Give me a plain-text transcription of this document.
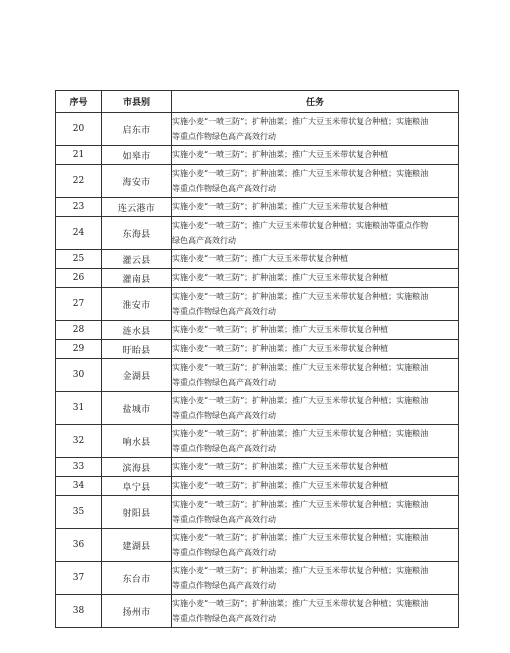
序号	市县别	任务
20	启东市	实施小麦“一喷三防”；扩种油菜；推广大豆玉米带状复合种植；实施粮油
等重点作物绿色高产高效行动

21	如皋市	实施小麦“一喷三防”；扩种油菜；推广大豆玉米带状复合种植

22	海安市	实施小麦“一喷三防”；扩种油菜；推广大豆玉米带状复合种植；实施粮油
等重点作物绿色高产高效行动

23	连云港市	实施小麦“一喷三防”；扩种油菜；推广大豆玉米带状复合种植

24	东海县	实施小麦“一喷三防”；推广大豆玉米带状复合种植；实施粮油等重点作物
绿色高产高效行动

25	灌云县	实施小麦“一喷三防”；推广大豆玉米带状复合种植

26	灌南县	实施小麦“一喷三防”；扩种油菜；推广大豆玉米带状复合种植

27	淮安市	实施小麦“一喷三防”；扩种油菜；推广大豆玉米带状复合种植；实施粮油
等重点作物绿色高产高效行动

28	涟水县	实施小麦“一喷三防”；扩种油菜；推广大豆玉米带状复合种植

29	盱眙县	实施小麦“一喷三防”；扩种油菜；推广大豆玉米带状复合种植

30	金湖县	实施小麦“一喷三防”；扩种油菜；推广大豆玉米带状复合种植；实施粮油
等重点作物绿色高产高效行动

31	盐城市	实施小麦“一喷三防”；扩种油菜；推广大豆玉米带状复合种植；实施粮油
等重点作物绿色高产高效行动

32	响水县	实施小麦“一喷三防”；扩种油菜；推广大豆玉米带状复合种植；实施粮油
等重点作物绿色高产高效行动

33	滨海县	实施小麦“一喷三防”；扩种油菜；推广大豆玉米带状复合种植

34	阜宁县	实施小麦“一喷三防”；扩种油菜；推广大豆玉米带状复合种植

35	射阳县	实施小麦“一喷三防”；扩种油菜；推广大豆玉米带状复合种植；实施粮油
等重点作物绿色高产高效行动

36	建湖县	实施小麦“一喷三防”；扩种油菜；推广大豆玉米带状复合种植；实施粮油
等重点作物绿色高产高效行动

37	东台市	实施小麦“一喷三防”；扩种油菜；推广大豆玉米带状复合种植；实施粮油
等重点作物绿色高产高效行动

38	扬州市	实施小麦“一喷三防”；扩种油菜；推广大豆玉米带状复合种植；实施粮油
等重点作物绿色高产高效行动
